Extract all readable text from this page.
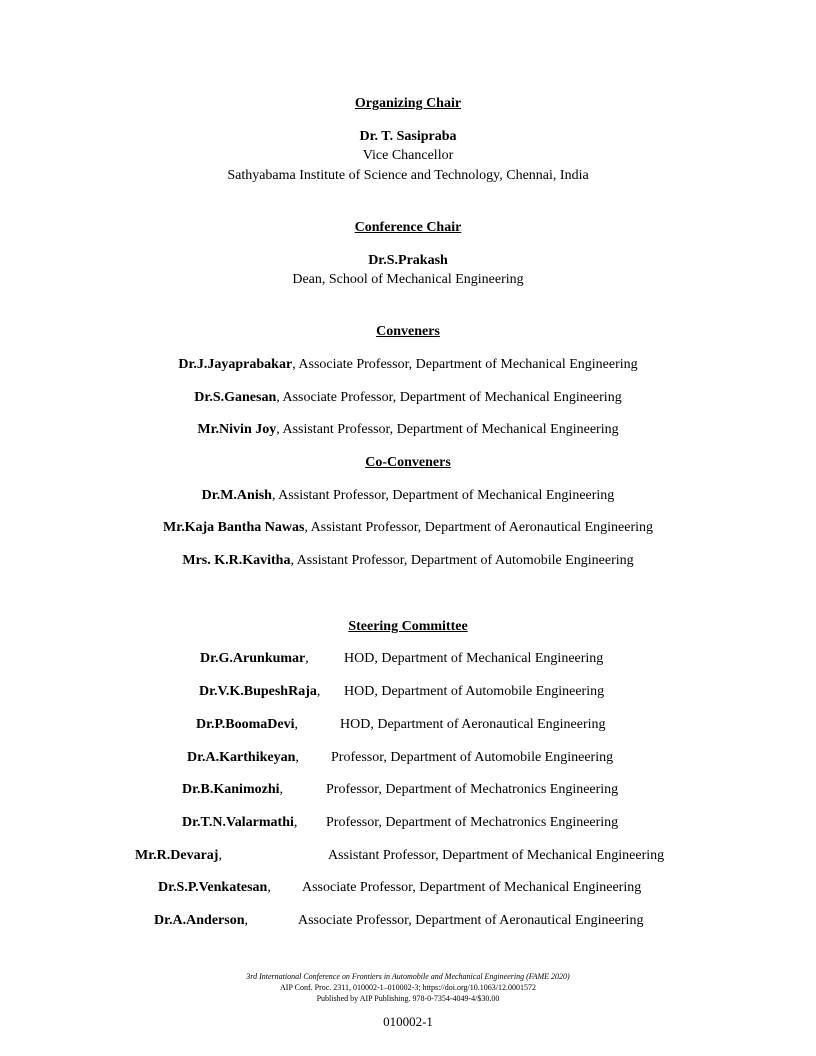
Organizing Chair
Dr. T. Sasipraba
Vice Chancellor
Sathyabama Institute of Science and Technology, Chennai, India
Conference Chair
Dr.S.Prakash
Dean, School of Mechanical Engineering
Conveners
Dr.J.Jayaprabakar, Associate Professor, Department of Mechanical Engineering
Dr.S.Ganesan, Associate Professor, Department of Mechanical Engineering
Mr.Nivin Joy, Assistant Professor, Department of Mechanical Engineering
Co-Conveners
Dr.M.Anish, Assistant Professor, Department of Mechanical Engineering
Mr.Kaja Bantha Nawas, Assistant Professor, Department of Aeronautical Engineering
Mrs. K.R.Kavitha, Assistant Professor, Department of Automobile Engineering
Steering Committee
Dr.G.Arunkumar,	HOD, Department of Mechanical Engineering
Dr.V.K.BupeshRaja, HOD, Department of Automobile Engineering
Dr.P.BoomaDevi,	HOD, Department of Aeronautical Engineering
Dr.A.Karthikeyan, Professor, Department of Automobile Engineering
Dr.B.Kanimozhi,	Professor, Department of Mechatronics Engineering
Dr.T.N.Valarmathi, Professor, Department of Mechatronics Engineering
Mr.R.Devaraj,	Assistant Professor, Department of Mechanical Engineering
Dr.S.P.Venkatesan, Associate Professor, Department of Mechanical Engineering
Dr.A.Anderson,	Associate Professor, Department of Aeronautical Engineering
3rd International Conference on Frontiers in Automobile and Mechanical Engineering (FAME 2020)
AIP Conf. Proc. 2311, 010002-1–010002-3; https://doi.org/10.1063/12.0001572
Published by AIP Publishing. 978-0-7354-4049-4/$30.00
010002-1
